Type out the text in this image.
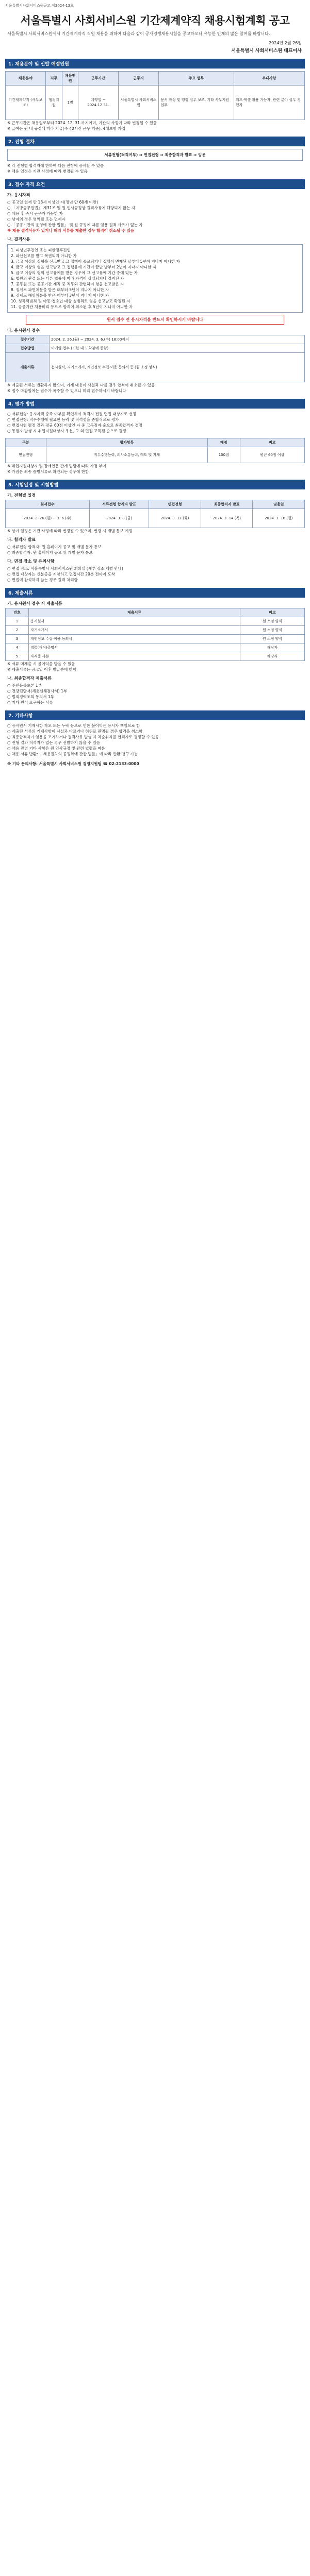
서울특별시사회서비스원공고 제2024-13호
서울특별시 사회서비스원 기간제계약직 채용시험계획 공고
서울특별시 사회서비스원에서 기간제계약직 직원 채용을 위하여 다음과 같이 공개경쟁채용시험을 공고하오니 유능한 인재의 많은 참여를 바랍니다.
2024년 2월 26일
서울특별시 사회서비스원 대표이사
1. 채용분야 및 선발 예정인원
채용분야	직무	채용인원	근무기간	근무지	주요 업무	우대사항
기간제계약직 (사무보조)	행정지원	1명	계약일 ~ 2024.12.31.	서울특별시 사회서비스원	문서 작성 및 행정 업무 보조, 기타 사무지원 업무	워드·엑셀 활용 가능자, 관련 분야 실무 경험자
※ 근무기간은 채용일로부터 2024. 12. 31.까지이며, 기관의 사정에 따라 변경될 수 있음
※ 급여는 원 내 규정에 따라 지급(주 40시간 근무 기준), 4대보험 가입
2. 전형 절차
서류전형(적격여부) ⇒ 면접전형 ⇒ 최종합격자 발표 ⇒ 임용
※ 각 전형별 합격자에 한하여 다음 전형에 응시할 수 있음
※ 채용 일정은 기관 사정에 따라 변경될 수 있음
3. 접수 자격 요건
가. 응시자격
○ 공고일 현재 만 18세 이상인 자(정년 만 60세 미만)
○ 「지방공무원법」 제31조 및 원 인사규정상 결격사유에 해당되지 않는 자
○ 채용 후 즉시 근무가 가능한 자
○ 남자의 경우 병역필 또는 면제자
○ 「공공기관의 운영에 관한 법률」 및 원 규정에 따른 임용 결격 사유가 없는 자
※ 채용 결격사유가 있거나 허위 서류를 제출한 경우 합격이 취소될 수 있음
나. 결격사유
1. 피성년후견인 또는 피한정후견인
2. 파산선고를 받고 복권되지 아니한 자
3. 금고 이상의 실형을 선고받고 그 집행이 종료되거나 집행이 면제된 날부터 5년이 지나지 아니한 자
4. 금고 이상의 형을 선고받고 그 집행유예 기간이 끝난 날부터 2년이 지나지 아니한 자
5. 금고 이상의 형의 선고유예를 받은 경우에 그 선고유예 기간 중에 있는 자
6. 법원의 판결 또는 다른 법률에 따라 자격이 상실되거나 정지된 자
7. 공무원 또는 공공기관 재직 중 직무와 관련하여 형을 선고받은 자
8. 징계로 파면처분을 받은 때부터 5년이 지나지 아니한 자
9. 징계로 해임처분을 받은 때부터 3년이 지나지 아니한 자
10. 성폭력범죄 및 아동·청소년 대상 성범죄로 형을 선고받고 확정된 자
11. 공공기관 채용비리 등으로 합격이 취소된 후 5년이 지나지 아니한 자
원서 접수 전 응시자격을 반드시 확인하시기 바랍니다
다. 응시원서 접수
접수기간	2024. 2. 26.(월) ~ 2024. 3. 6.(수) 18:00까지
접수방법	이메일 접수 (기한 내 도착분에 한함)
제출서류	응시원서, 자기소개서, 개인정보 수집·이용 동의서 등 (원 소정 양식)
※ 제출된 서류는 반환하지 않으며, 기재 내용이 사실과 다를 경우 합격이 취소될 수 있음
※ 접수 마감일에는 접수가 폭주할 수 있으니 미리 접수하시기 바랍니다
4. 평가 방법
○ 서류전형: 응시자격 충족 여부를 확인하여 적격자 전원 면접 대상자로 선정
○ 면접전형: 직무수행에 필요한 능력 및 적격성을 종합적으로 평가
○ 면접시험 평정 결과 평균 60점 이상인 자 중 고득점자 순으로 최종합격자 결정
○ 동점자 발생 시 취업지원대상자 우선, 그 외 면접 고득점 순으로 결정
구분	평가항목	배점	비고
면접전형	직무수행능력, 의사소통능력, 태도 및 자세	100점	평균 60점 이상
※ 취업지원대상자 및 장애인은 관계 법령에 따라 가점 부여
※ 가점은 최종 증빙서류로 확인되는 경우에 한함
5. 시험일정 및 시험방법
가. 전형별 일정
원서접수	서류전형 합격자 발표	면접전형	최종합격자 발표	임용일
2024. 2. 26.(월) ~ 3. 6.(수)	2024. 3. 8.(금)	2024. 3. 12.(화)	2024. 3. 14.(목)	2024. 3. 18.(월)
※ 상기 일정은 기관 사정에 따라 변경될 수 있으며, 변경 시 개별 통보 예정
나. 합격자 발표
○ 서류전형 합격자: 원 홈페이지 공고 및 개별 문자 통보
○ 최종합격자: 원 홈페이지 공고 및 개별 문자 통보
다. 면접 장소 및 유의사항
○ 면접 장소: 서울특별시 사회서비스원 회의실 (세부 장소 개별 안내)
○ 면접 대상자는 신분증을 지참하고 면접시간 20분 전까지 도착
○ 면접에 참석하지 않는 경우 결격 처리함
6. 제출서류
가. 응시원서 접수 시 제출서류
번호	제출서류	비고
1	응시원서	원 소정 양식
2	자기소개서	원 소정 양식
3	개인정보 수집·이용 동의서	원 소정 양식
4	경력(재직)증명서	해당자
5	자격증 사본	해당자
※ 서류 미제출 시 불이익을 받을 수 있음
※ 제출서류는 공고일 이후 발급분에 한함
나. 최종합격자 제출서류
○ 주민등록초본 1부
○ 건강진단서(채용신체검사서) 1부
○ 범죄경력조회 동의서 1부
○ 기타 원이 요구하는 서류
7. 기타사항
○ 응시원서 기재사항 착오 또는 누락 등으로 인한 불이익은 응시자 책임으로 함
○ 제출된 서류의 기재사항이 사실과 다르거나 허위로 판명될 경우 합격을 취소함
○ 최종합격자가 임용을 포기하거나 결격사유 발생 시 차순위자를 합격자로 결정할 수 있음
○ 전형 결과 적격자가 없는 경우 선발하지 않을 수 있음
○ 채용 관련 기타 사항은 원 인사규정 및 관련 법령을 따름
○ 채용 서류 반환: 「채용절차의 공정화에 관한 법률」에 따라 반환 청구 가능
※ 기타 문의사항: 서울특별시 사회서비스원 경영지원팀 ☎ 02-2133-0000
